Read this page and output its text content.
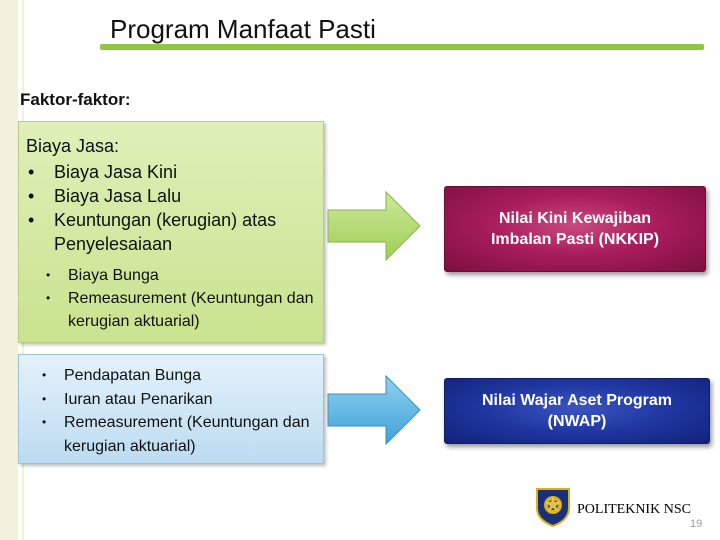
Program Manfaat Pasti
Faktor-faktor:
Biaya Jasa:
• Biaya Jasa Kini
• Biaya Jasa Lalu
• Keuntungan (kerugian) atas Penyelesaiaan
• Biaya Bunga
• Remeasurement (Keuntungan dan kerugian aktuarial)
• Pendapatan Bunga
• Iuran atau Penarikan
• Remeasurement (Keuntungan dan kerugian aktuarial)
Nilai Kini Kewajiban Imbalan Pasti (NKKIP)
Nilai Wajar Aset Program (NWAP)
POLITEKNIK NSC
19
